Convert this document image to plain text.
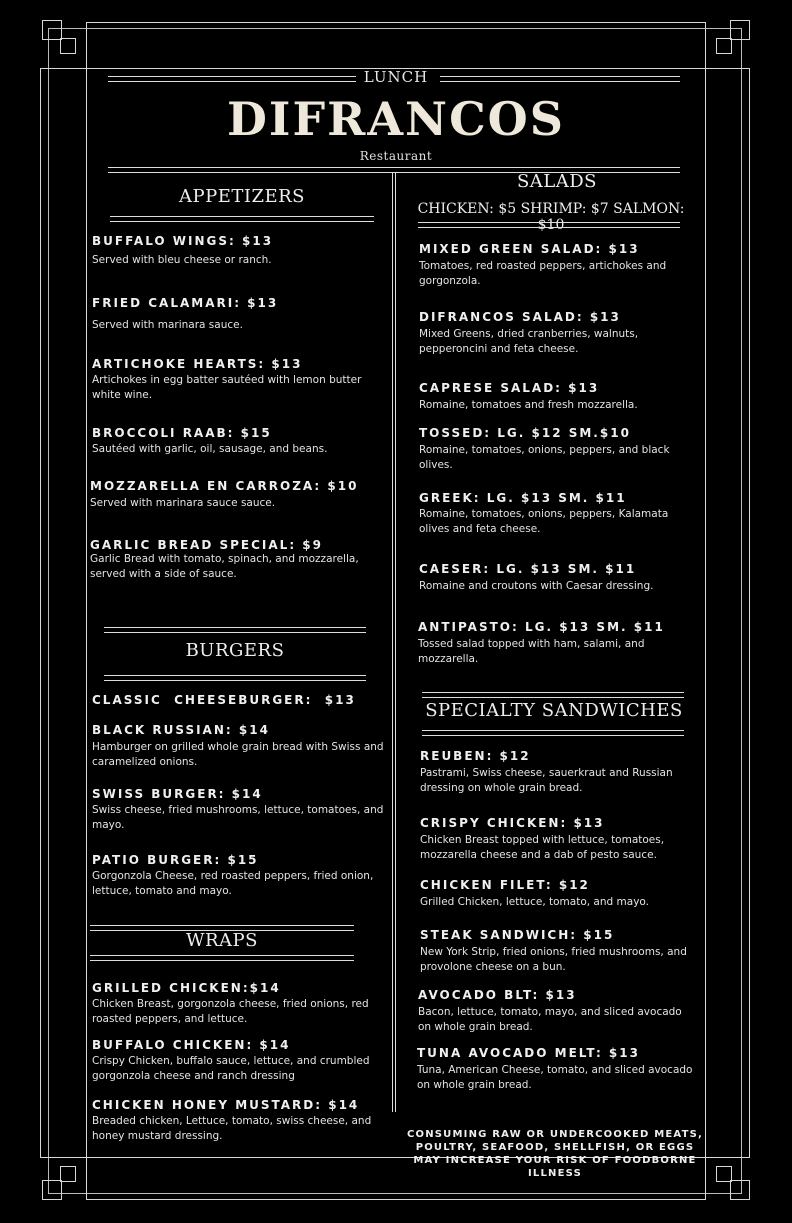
LUNCH
DIFRANCOS
Restaurant
APPETIZERS
BUFFALO WINGS: $13
Served with bleu cheese or ranch.
FRIED CALAMARI: $13
Served with marinara sauce.
ARTICHOKE HEARTS: $13
Artichokes in egg batter sautéed with lemon butter white wine.
BROCCOLI RAAB: $15
Sautéed with garlic, oil, sausage, and beans.
MOZZARELLA EN CARROZA: $10
Served with marinara sauce sauce.
GARLIC BREAD SPECIAL: $9
Garlic Bread with tomato, spinach, and mozzarella, served with a side of sauce.
BURGERS
CLASSIC  CHEESEBURGER:  $13
BLACK RUSSIAN: $14
Hamburger on grilled whole grain bread with Swiss and caramelized onions.
SWISS BURGER: $14
Swiss cheese, fried mushrooms, lettuce, tomatoes, and mayo.
PATIO BURGER: $15
Gorgonzola Cheese, red roasted peppers, fried onion, lettuce, tomato and mayo.
WRAPS
GRILLED CHICKEN:$14
Chicken Breast, gorgonzola cheese, fried onions, red roasted peppers, and lettuce.
BUFFALO CHICKEN: $14
Crispy Chicken, buffalo sauce, lettuce, and crumbled gorgonzola cheese and ranch dressing
CHICKEN HONEY MUSTARD: $14
Breaded chicken, Lettuce, tomato, swiss cheese, and honey mustard dressing.
SALADS
CHICKEN: $5 SHRIMP: $7 SALMON: $10
MIXED GREEN SALAD: $13
Tomatoes, red roasted peppers, artichokes and gorgonzola.
DIFRANCOS SALAD: $13
Mixed Greens, dried cranberries, walnuts, pepperoncini and feta cheese.
CAPRESE SALAD: $13
Romaine, tomatoes and fresh mozzarella.
TOSSED: LG. $12 SM.$10
Romaine, tomatoes, onions, peppers, and black olives.
GREEK: LG. $13 SM. $11
Romaine, tomatoes, onions, peppers, Kalamata olives and feta cheese.
CAESER: LG. $13 SM. $11
Romaine and croutons with Caesar dressing.
ANTIPASTO: LG. $13 SM. $11
Tossed salad topped with ham, salami, and mozzarella.
SPECIALTY SANDWICHES
REUBEN: $12
Pastrami, Swiss cheese, sauerkraut and Russian dressing on whole grain bread.
CRISPY CHICKEN: $13
Chicken Breast topped with lettuce, tomatoes, mozzarella cheese and a dab of pesto sauce.
CHICKEN FILET: $12
Grilled Chicken, lettuce, tomato, and mayo.
STEAK SANDWICH: $15
New York Strip, fried onions, fried mushrooms, and provolone cheese on a bun.
AVOCADO BLT: $13
Bacon, lettuce, tomato, mayo, and sliced avocado on whole grain bread.
TUNA AVOCADO MELT: $13
Tuna, American Cheese, tomato, and sliced avocado on whole grain bread.
CONSUMING RAW OR UNDERCOOKED MEATS, POULTRY, SEAFOOD, SHELLFISH, OR EGGS MAY INCREASE YOUR RISK OF FOODBORNE ILLNESS
